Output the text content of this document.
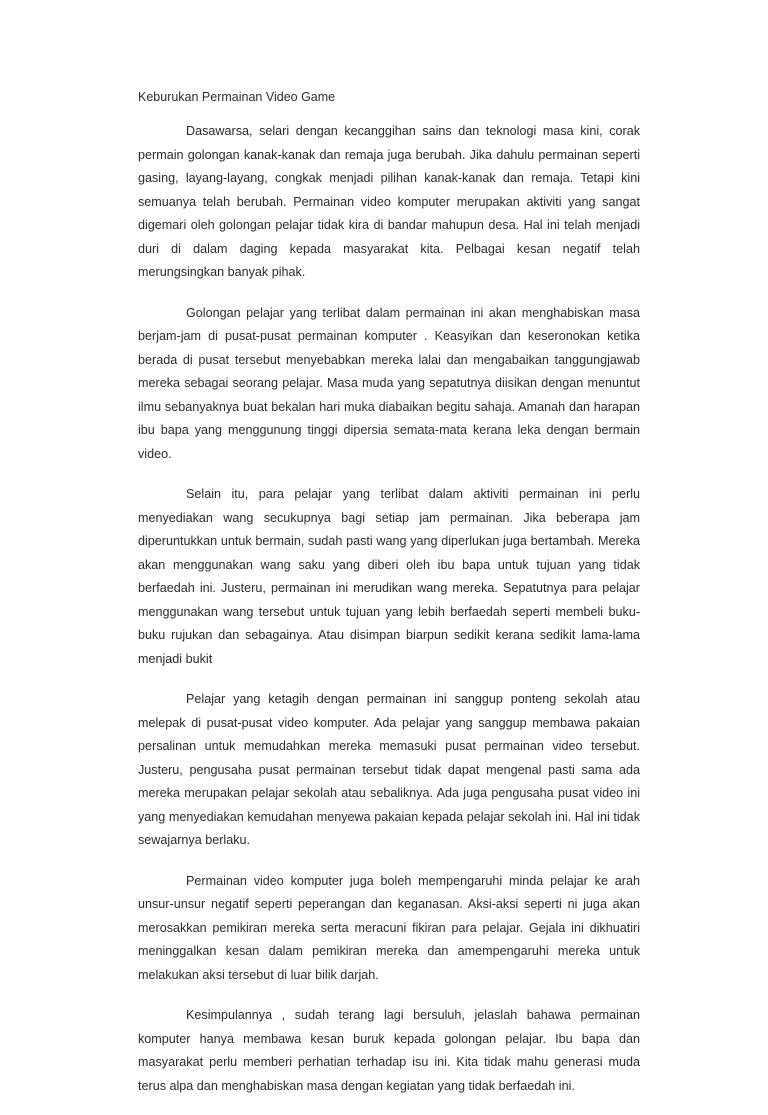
Keburukan Permainan Video Game

Dasawarsa, selari dengan kecanggihan sains dan teknologi masa kini, corak permain golongan kanak-kanak dan remaja juga berubah. Jika dahulu permainan seperti gasing, layang-layang, congkak menjadi pilihan kanak-kanak dan remaja. Tetapi kini semuanya telah berubah. Permainan video komputer merupakan aktiviti yang sangat digemari oleh golongan pelajar tidak kira di bandar mahupun desa. Hal ini telah menjadi duri di dalam daging kepada masyarakat kita. Pelbagai kesan negatif telah merungsingkan banyak pihak.

Golongan pelajar yang terlibat dalam permainan ini akan menghabiskan masa berjam-jam di pusat-pusat permainan komputer . Keasyikan dan keseronokan ketika berada di pusat tersebut menyebabkan mereka lalai dan mengabaikan tanggungjawab mereka sebagai seorang pelajar. Masa muda yang sepatutnya diisikan dengan menuntut ilmu sebanyaknya buat bekalan hari muka diabaikan begitu sahaja. Amanah dan harapan ibu bapa yang menggunung tinggi dipersia semata-mata kerana leka dengan bermain video.

Selain itu, para pelajar yang terlibat dalam aktiviti permainan ini perlu menyediakan wang secukupnya bagi setiap jam permainan. Jika beberapa jam diperuntukkan untuk bermain, sudah pasti wang yang diperlukan juga bertambah. Mereka akan menggunakan wang saku yang diberi oleh ibu bapa untuk tujuan yang tidak berfaedah ini. Justeru, permainan ini merudikan wang mereka. Sepatutnya para pelajar menggunakan wang tersebut untuk tujuan yang lebih berfaedah seperti membeli buku-buku rujukan dan sebagainya. Atau disimpan biarpun sedikit kerana sedikit lama-lama menjadi bukit

Pelajar yang ketagih dengan permainan ini sanggup ponteng sekolah atau melepak di pusat-pusat video komputer. Ada pelajar yang sanggup membawa pakaian persalinan untuk memudahkan mereka memasuki pusat permainan video tersebut. Justeru, pengusaha pusat permainan tersebut tidak dapat mengenal pasti sama ada mereka merupakan pelajar sekolah atau sebaliknya. Ada juga pengusaha pusat video ini yang menyediakan kemudahan menyewa pakaian kepada pelajar sekolah ini. Hal ini tidak sewajarnya berlaku.

Permainan video komputer juga boleh mempengaruhi minda pelajar ke arah unsur-unsur negatif seperti peperangan dan keganasan. Aksi-aksi seperti ni juga akan merosakkan pemikiran mereka serta meracuni fikiran para pelajar. Gejala ini dikhuatiri meninggalkan kesan dalam pemikiran mereka dan amempengaruhi mereka untuk melakukan aksi tersebut di luar bilik darjah.

Kesimpulannya , sudah terang lagi bersuluh, jelaslah bahawa permainan komputer hanya membawa kesan buruk kepada golongan pelajar. Ibu bapa dan masyarakat perlu memberi perhatian terhadap isu ini. Kita tidak mahu generasi muda terus alpa dan menghabiskan masa dengan kegiatan yang tidak berfaedah ini.
